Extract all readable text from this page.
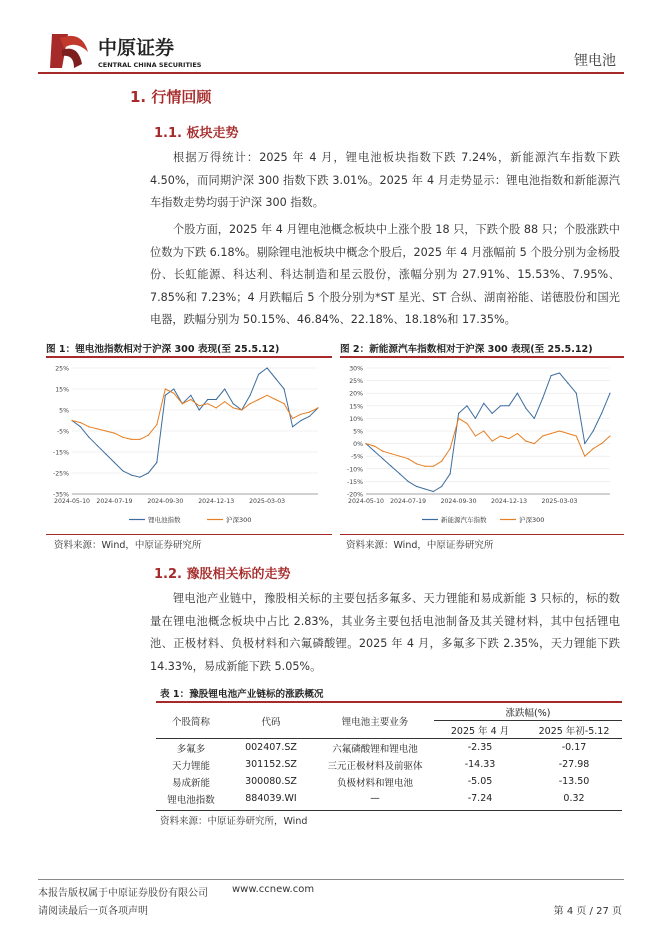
中原证券
CENTRAL CHINA SECURITIES	锂电池
1. 行情回顾
1.1. 板块走势
根据万得统计：2025 年 4 月，锂电池板块指数下跌 7.24%，新能源汽车指数下跌 4.50%，而同期沪深 300 指数下跌 3.01%。2025 年 4 月走势显示：锂电池指数和新能源汽车指数走势均弱于沪深 300 指数。
个股方面，2025 年 4 月锂电池概念板块中上涨个股 18 只，下跌个股 88 只；个股涨跌中位数为下跌 6.18%。剔除锂电池板块中概念个股后，2025 年 4 月涨幅前 5 个股分别为金杨股份、长虹能源、科达利、科达制造和星云股份，涨幅分别为 27.91%、15.53%、7.95%、7.85%和 7.23%；4 月跌幅后 5 个股分别为*ST 星光、ST 合纵、湖南裕能、诺德股份和国光电器，跌幅分别为 50.15%、46.84%、22.18%、18.18%和 17.35%。
图 1：锂电池指数相对于沪深 300 表现(至 25.5.12)
-35%
-25%
-15%
-5%
5%
15%
25%
2024-05-10 2024-07-19 2024-09-30 2024-12-13 2025-03-03
锂电池指数	沪深300
资料来源：Wind，中原证券研究所
图 2：新能源汽车指数相对于沪深 300 表现(至 25.5.12)
-20%
-15%
-10%
-5%
0%
5%
10%
15%
20%
25%
30%
2024-05-10 2024-07-19 2024-09-30 2024-12-13 2025-03-03
新能源汽车指数	沪深300
资料来源：Wind，中原证券研究所
1.2. 豫股相关标的走势
锂电池产业链中，豫股相关标的主要包括多氟多、天力锂能和易成新能 3 只标的，标的数量在锂电池概念板块中占比 2.83%，其业务主要包括电池制备及其关键材料，其中包括锂电池、正极材料、负极材料和六氟磷酸锂。2025 年 4 月，多氟多下跌 2.35%，天力锂能下跌 14.33%，易成新能下跌 5.05%。
表 1：豫股锂电池产业链标的涨跌概况
个股简称	代码	锂电池主要业务	涨跌幅(%)	
			2025 年 4 月	2025 年初-5.12
多氟多	002407.SZ	六氟磷酸锂和锂电池	-2.35	-0.17
天力锂能	301152.SZ	三元正极材料及前驱体	-14.33	-27.98
易成新能	300080.SZ	负极材料和锂电池	-5.05	-13.50
锂电池指数	884039.WI	—	-7.24	0.32
资料来源：中原证券研究所，Wind
本报告版权属于中原证券股份有限公司 www.ccnew.com
请阅读最后一页各项声明	第 4 页 / 27 页
